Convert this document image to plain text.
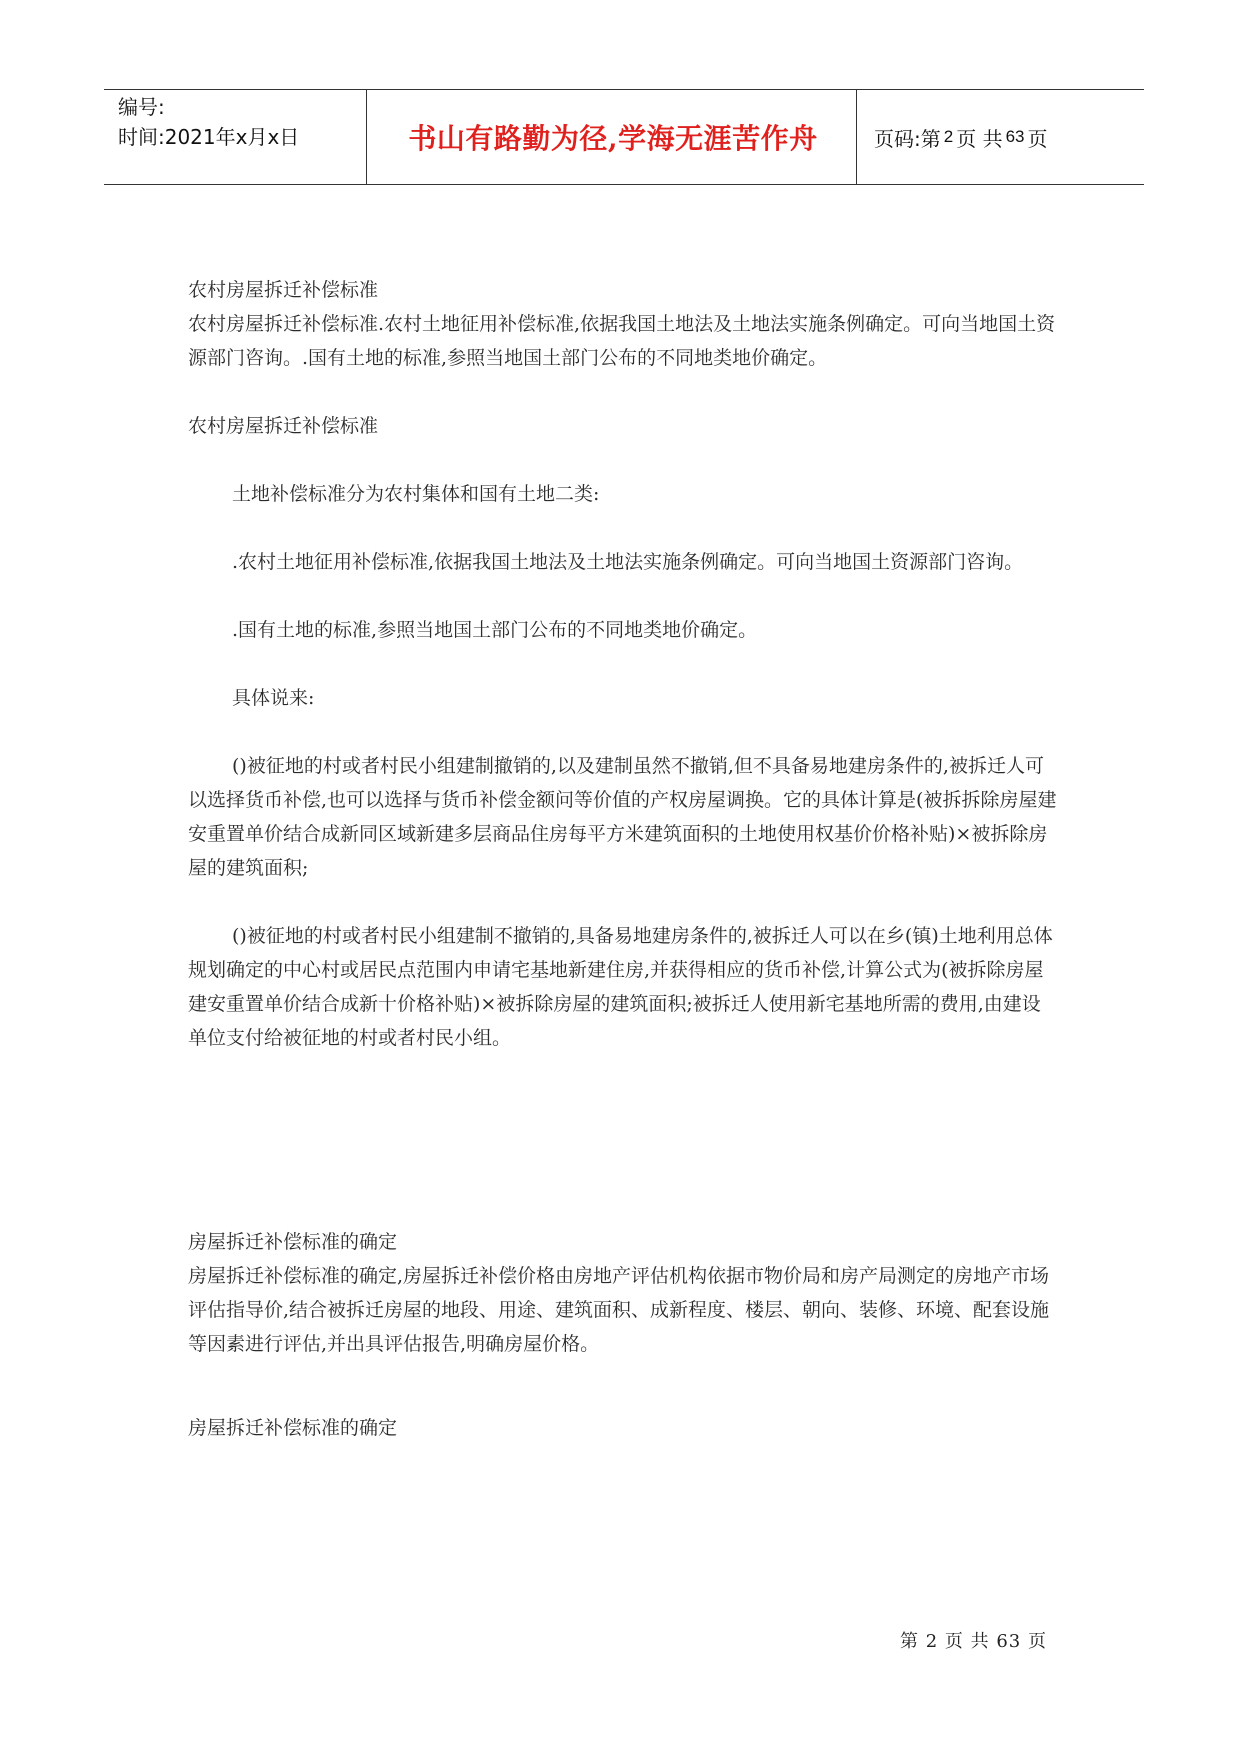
编号:
时间:2021年x月x日	书山有路勤为径,学海无涯苦作舟	页码:第 2 页 共 63 页

农村房屋拆迁补偿标准

农村房屋拆迁补偿标准.农村土地征用补偿标准,依据我国土地法及土地法实施条例确定。可向当地国土资源部门咨询。.国有土地的标准,参照当地国土部门公布的不同地类地价确定。

农村房屋拆迁补偿标准

土地补偿标准分为农村集体和国有土地二类:

.农村土地征用补偿标准,依据我国土地法及土地法实施条例确定。可向当地国土资源部门咨询。

.国有土地的标准,参照当地国土部门公布的不同地类地价确定。

具体说来:

()被征地的村或者村民小组建制撤销的,以及建制虽然不撤销,但不具备易地建房条件的,被拆迁人可以选择货币补偿,也可以选择与货币补偿金额问等价值的产权房屋调换。它的具体计算是(被拆拆除房屋建安重置单价结合成新同区域新建多层商品住房每平方米建筑面积的土地使用权基价价格补贴)×被拆除房屋的建筑面积;

()被征地的村或者村民小组建制不撤销的,具备易地建房条件的,被拆迁人可以在乡(镇)土地利用总体规划确定的中心村或居民点范围内申请宅基地新建住房,并获得相应的货币补偿,计算公式为(被拆除房屋建安重置单价结合成新十价格补贴)×被拆除房屋的建筑面积;被拆迁人使用新宅基地所需的费用,由建设单位支付给被征地的村或者村民小组。

房屋拆迁补偿标准的确定

房屋拆迁补偿标准的确定,房屋拆迁补偿价格由房地产评估机构依据市物价局和房产局测定的房地产市场评估指导价,结合被拆迁房屋的地段、用途、建筑面积、成新程度、楼层、朝向、装修、环境、配套设施等因素进行评估,并出具评估报告,明确房屋价格。

房屋拆迁补偿标准的确定

第 2 页 共 63 页
